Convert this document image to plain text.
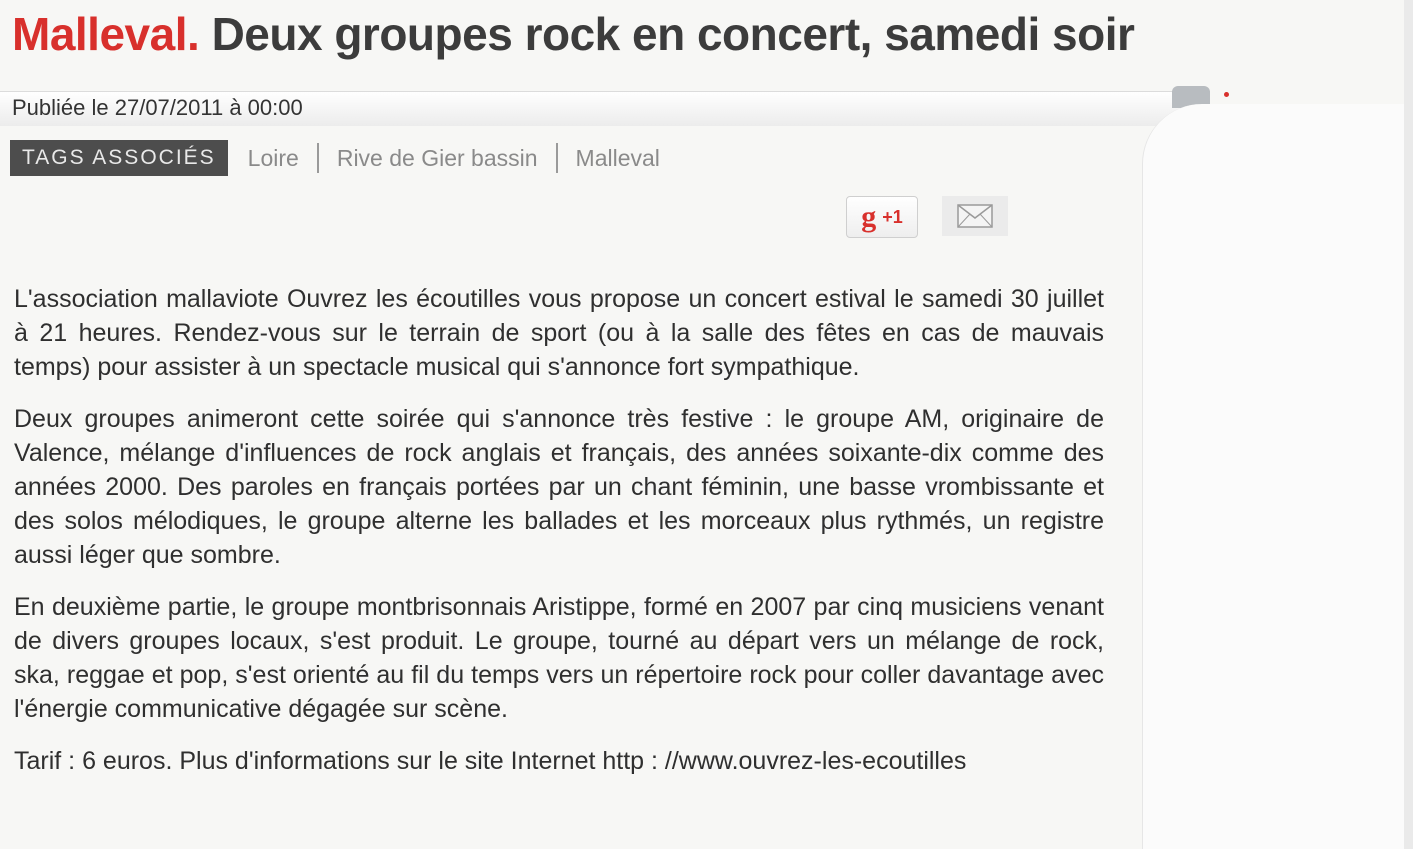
Malleval. Deux groupes rock en concert, samedi soir
Publiée le 27/07/2011 à 00:00
TAGS ASSOCIÉS	Loire	Rive de Gier bassin	Malleval
g +1

L'association mallaviote Ouvrez les écoutilles vous propose un concert estival le samedi 30 juillet à 21 heures. Rendez-vous sur le terrain de sport (ou à la salle des fêtes en cas de mauvais temps) pour assister à un spectacle musical qui s'annonce fort sympathique.

Deux groupes animeront cette soirée qui s'annonce très festive : le groupe AM, originaire de Valence, mélange d'influences de rock anglais et français, des années soixante-dix comme des années 2000. Des paroles en français portées par un chant féminin, une basse vrombissante et des solos mélodiques, le groupe alterne les ballades et les morceaux plus rythmés, un registre aussi léger que sombre.

En deuxième partie, le groupe montbrisonnais Aristippe, formé en 2007 par cinq musiciens venant de divers groupes locaux, s'est produit. Le groupe, tourné au départ vers un mélange de rock, ska, reggae et pop, s'est orienté au fil du temps vers un répertoire rock pour coller davantage avec l'énergie communicative dégagée sur scène.

Tarif : 6 euros. Plus d'informations sur le site Internet http : //www.ouvrez-les-ecoutilles
